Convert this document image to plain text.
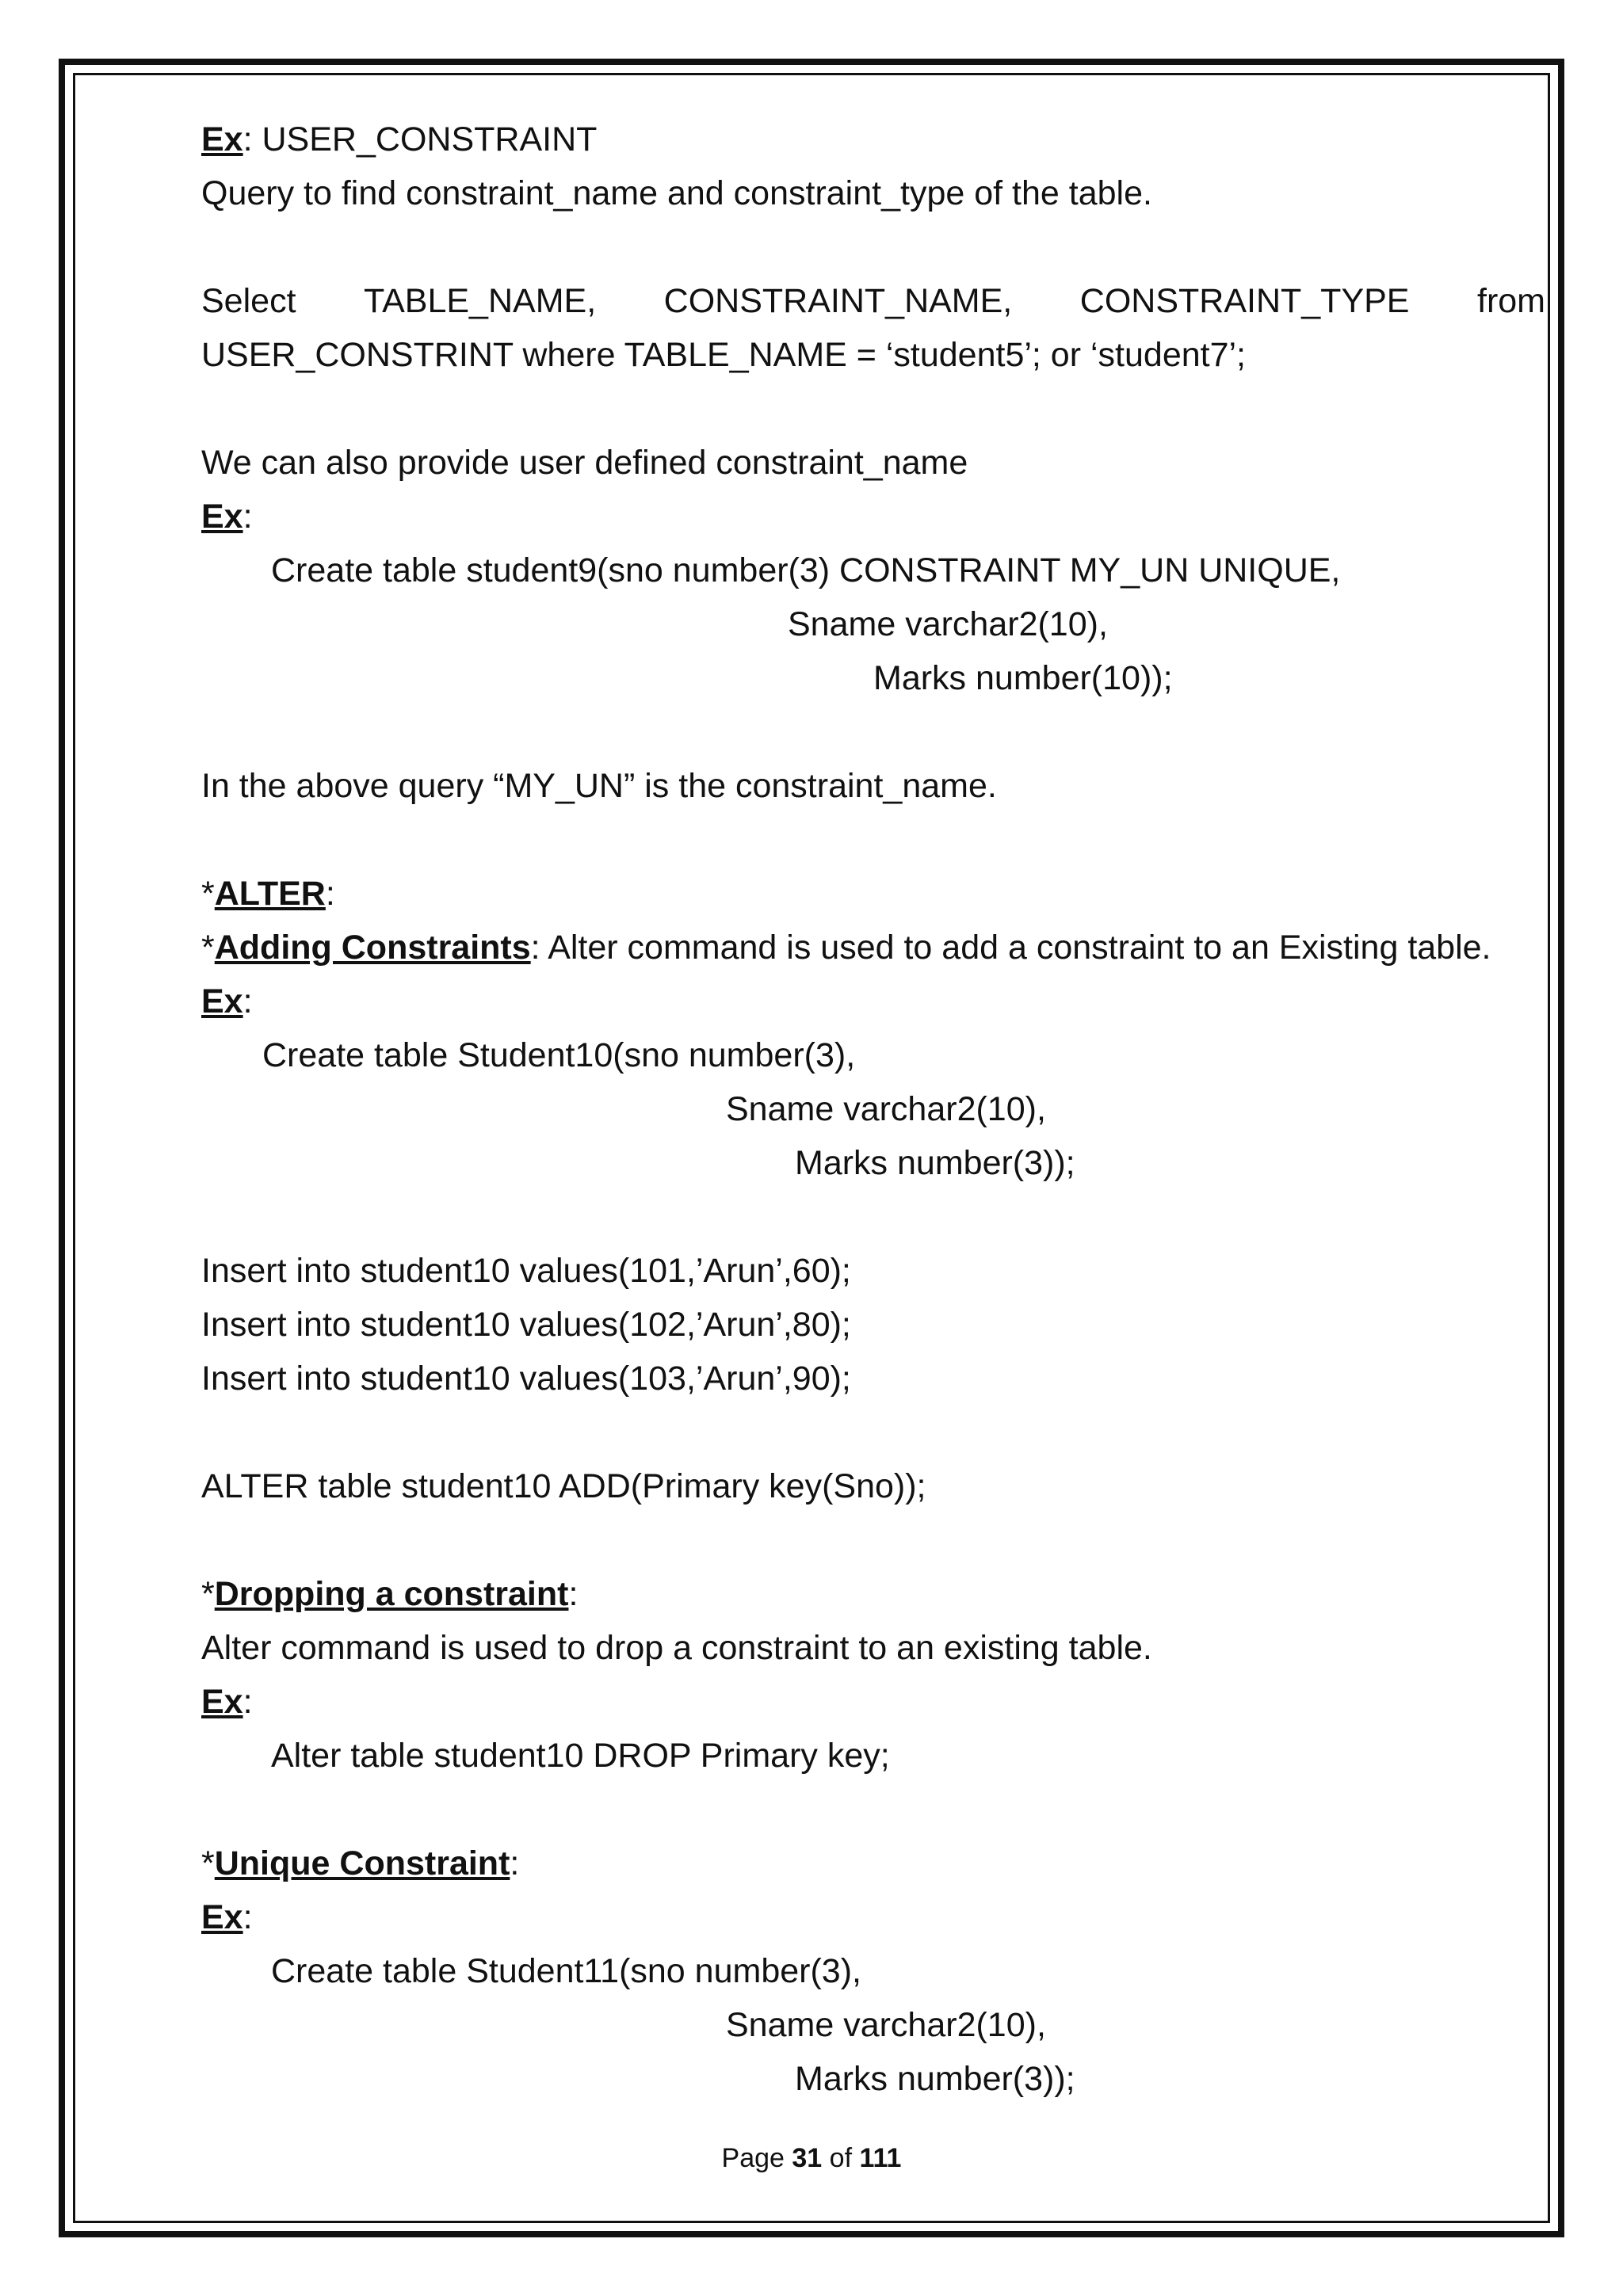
Ex: USER_CONSTRAINT
Query to find constraint_name and constraint_type of the table.
Select TABLE_NAME, CONSTRAINT_NAME, CONSTRAINT_TYPE from
USER_CONSTRINT where TABLE_NAME = ‘student5’; or ‘student7’;
We can also provide user defined constraint_name
Ex:
Create table student9(sno number(3) CONSTRAINT MY_UN UNIQUE,
Sname varchar2(10),
Marks number(10));
In the above query “MY_UN” is the constraint_name.
*ALTER:
*Adding Constraints: Alter command is used to add a constraint to an Existing table.
Ex:
Create table Student10(sno number(3),
Sname varchar2(10),
Marks number(3));
Insert into student10 values(101,’Arun’,60);
Insert into student10 values(102,’Arun’,80);
Insert into student10 values(103,’Arun’,90);
ALTER table student10 ADD(Primary key(Sno));
*Dropping a constraint:
Alter command is used to drop a constraint to an existing table.
Ex:
Alter table student10 DROP Primary key;
*Unique Constraint:
Ex:
Create table Student11(sno number(3),
Sname varchar2(10),
Marks number(3));
Page 31 of 111
